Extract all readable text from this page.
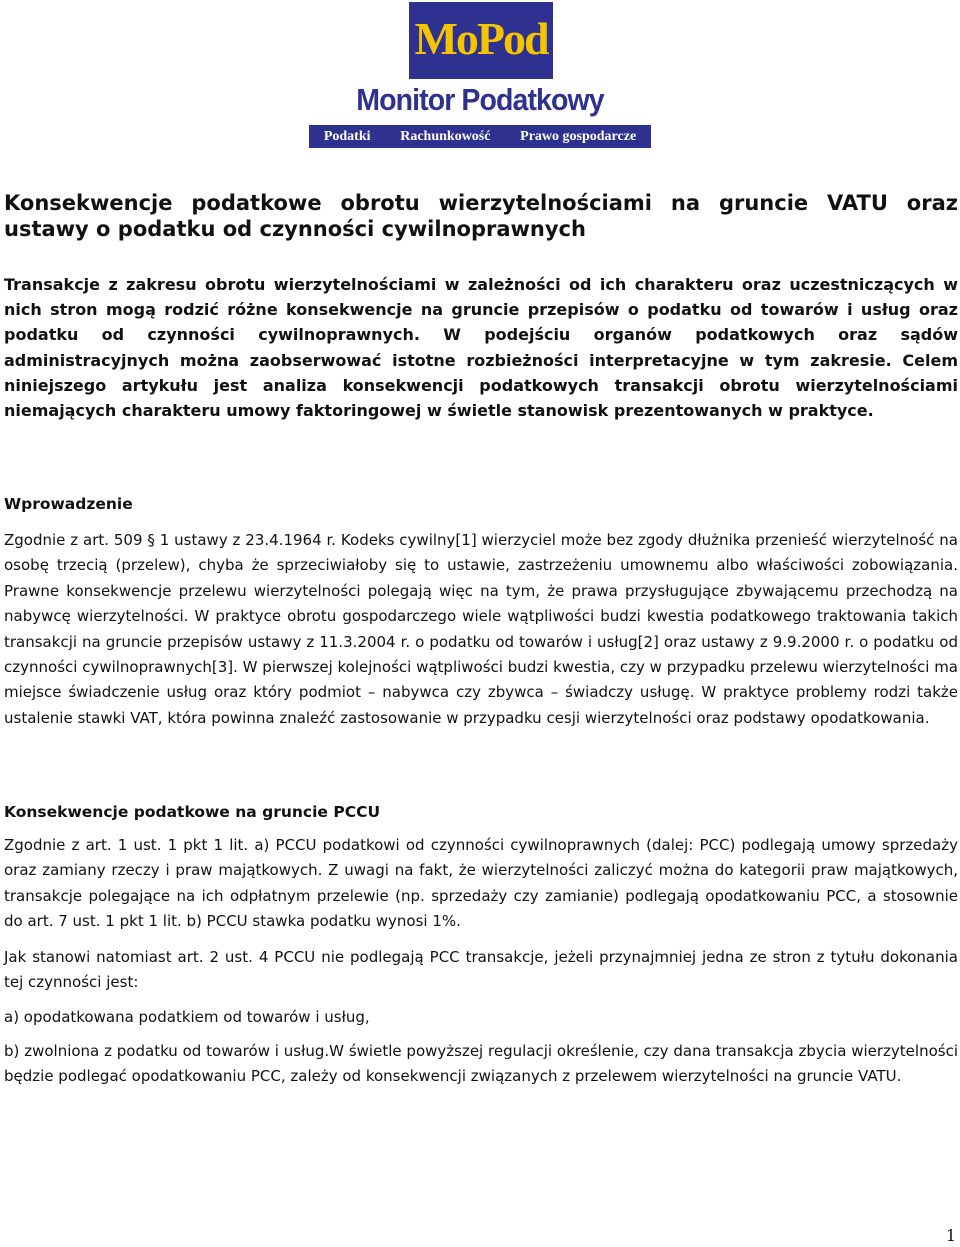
MoPod
Monitor Podatkowy
Podatki Rachunkowość Prawo gospodarcze
Konsekwencje podatkowe obrotu wierzytelnościami na gruncie VATU oraz ustawy o podatku od czynności cywilnoprawnych
Transakcje z zakresu obrotu wierzytelnościami w zależności od ich charakteru oraz uczestniczących w nich stron mogą rodzić różne konsekwencje na gruncie przepisów o podatku od towarów i usług oraz podatku od czynności cywilnoprawnych. W podejściu organów podatkowych oraz sądów administracyjnych można zaobserwować istotne rozbieżności interpretacyjne w tym zakresie. Celem niniejszego artykułu jest analiza konsekwencji podatkowych transakcji obrotu wierzytelnościami niemających charakteru umowy faktoringowej w świetle stanowisk prezentowanych w praktyce.
Wprowadzenie
Zgodnie z art. 509 § 1 ustawy z 23.4.1964 r. Kodeks cywilny[1] wierzyciel może bez zgody dłużnika przenieść wierzytelność na osobę trzecią (przelew), chyba że sprzeciwiałoby się to ustawie, zastrzeżeniu umownemu albo właściwości zobowiązania. Prawne konsekwencje przelewu wierzytelności polegają więc na tym, że prawa przysługujące zbywającemu przechodzą na nabywcę wierzytelności. W praktyce obrotu gospodarczego wiele wątpliwości budzi kwestia podatkowego traktowania takich transakcji na gruncie przepisów ustawy z 11.3.2004 r. o podatku od towarów i usług[2] oraz ustawy z 9.9.2000 r. o podatku od czynności cywilnoprawnych[3]. W pierwszej kolejności wątpliwości budzi kwestia, czy w przypadku przelewu wierzytelności ma miejsce świadczenie usług oraz który podmiot – nabywca czy zbywca – świadczy usługę. W praktyce problemy rodzi także ustalenie stawki VAT, która powinna znaleźć zastosowanie w przypadku cesji wierzytelności oraz podstawy opodatkowania.
Konsekwencje podatkowe na gruncie PCCU
Zgodnie z art. 1 ust. 1 pkt 1 lit. a) PCCU podatkowi od czynności cywilnoprawnych (dalej: PCC) podlegają umowy sprzedaży oraz zamiany rzeczy i praw majątkowych. Z uwagi na fakt, że wierzytelności zaliczyć można do kategorii praw majątkowych, transakcje polegające na ich odpłatnym przelewie (np. sprzedaży czy zamianie) podlegają opodatkowaniu PCC, a stosownie do art. 7 ust. 1 pkt 1 lit. b) PCCU stawka podatku wynosi 1%.
Jak stanowi natomiast art. 2 ust. 4 PCCU nie podlegają PCC transakcje, jeżeli przynajmniej jedna ze stron z tytułu dokonania tej czynności jest:
a) opodatkowana podatkiem od towarów i usług,
b) zwolniona z podatku od towarów i usług.W świetle powyższej regulacji określenie, czy dana transakcja zbycia wierzytelności będzie podlegać opodatkowaniu PCC, zależy od konsekwencji związanych z przelewem wierzytelności na gruncie VATU.
1
